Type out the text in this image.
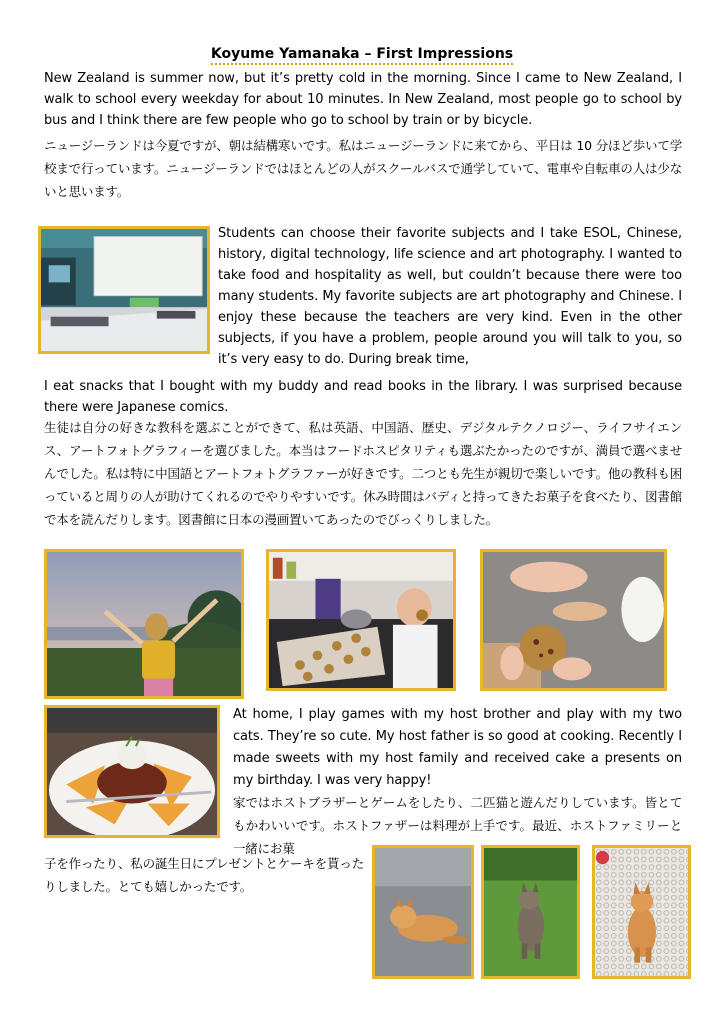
Koyume Yamanaka – First Impressions

New Zealand is summer now, but it’s pretty cold in the morning. Since I came to New Zealand, I walk to school every weekday for about 10 minutes. In New Zealand, most people go to school by bus and I think there are few people who go to school by train or by bicycle.

ニュージーランドは今夏ですが、朝は結構寒いです。私はニュージーランドに来てから、平日は 10 分ほど歩いて学校まで行っています。ニュージーランドではほとんどの人がスクールバスで通学していて、電車や自転車の人は少ないと思います。

Students can choose their favorite subjects and I take ESOL, Chinese, history, digital technology, life science and art photography. I wanted to take food and hospitality as well, but couldn’t because there were too many students. My favorite subjects are art photography and Chinese. I enjoy these because the teachers are very kind. Even in the other subjects, if you have a problem, people around you will talk to you, so it’s very easy to do. During break time,

I eat snacks that I bought with my buddy and read books in the library. I was surprised because there were Japanese comics.

生徒は自分の好きな教科を選ぶことができて、私は英語、中国語、歴史、デジタルテクノロジー、ライフサイエンス、アートフォトグラフィーを選びました。本当はフードホスピタリティも選ぶたかったのですが、満員で選べませんでした。私は特に中国語とアートフォトグラファーが好きです。二つとも先生が親切で楽しいです。他の教科も困っていると周りの人が助けてくれるのでやりやすいです。休み時間はバディと持ってきたお菓子を食べたり、図書館で本を読んだりします。図書館に日本の漫画置いてあったのでびっくりしました。

At home, I play games with my host brother and play with my two cats. They’re so cute. My host father is so good at cooking. Recently I made sweets with my host family and received cake a presents on my birthday. I was very happy!

家ではホストブラザーとゲームをしたり、二匹猫と遊んだりしています。皆とてもかわいいです。ホストファザーは料理が上手です。最近、ホストファミリーと一緒にお菓

子を作ったり、私の誕生日にプレゼントとケーキを貰ったりしました。とても嬉しかったです。
